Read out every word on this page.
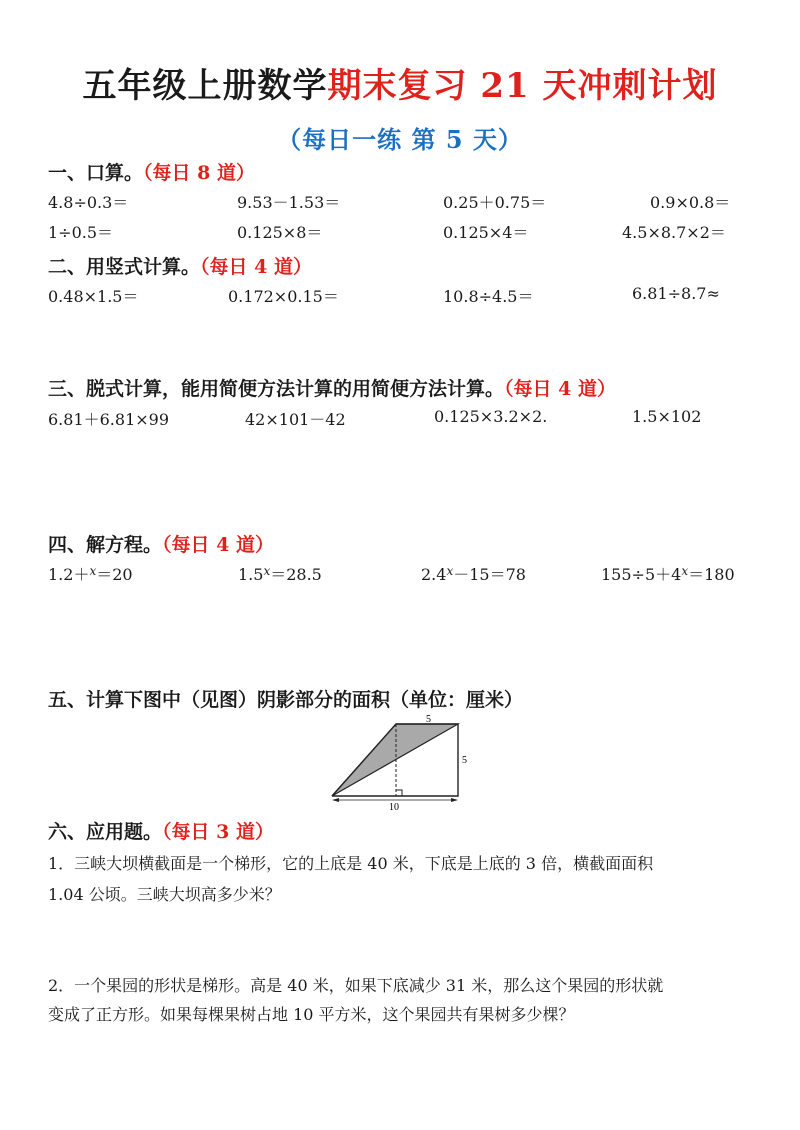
五年级上册数学期末复习 21 天冲刺计划
（每日一练 第 5 天）
一、口算。（每日 8 道）
4.8÷0.3＝	9.53－1.53＝	0.25＋0.75＝	0.9×0.8＝
1÷0.5＝	0.125×8＝	0.125×4＝	4.5×8.7×2＝
二、用竖式计算。（每日 4 道）
0.48×1.5＝	0.172×0.15＝	10.8÷4.5＝	6.81÷8.7≈
三、脱式计算，能用简便方法计算的用简便方法计算。（每日 4 道）
6.81＋6.81×99	42×101－42	0.125×3.2×2.	1.5×102
四、解方程。（每日 4 道）
1.2＋$^x$＝20	$1.5^x=28.5$	$2.4^x-15=78$	$155\div 5+4^x=180$
五、计算下图中（见图）阴影部分的面积（单位：厘米）
5
5
10
六、应用题。（每日 3 道）
1．三峡大坝横截面是一个梯形，它的上底是 40 米，下底是上底的 3 倍，横截面面积
1.04 公顷。三峡大坝高多少米？
2．一个果园的形状是梯形。高是 40 米，如果下底减少 31 米，那么这个果园的形状就
变成了正方形。如果每棵果树占地 10 平方米，这个果园共有果树多少棵？
